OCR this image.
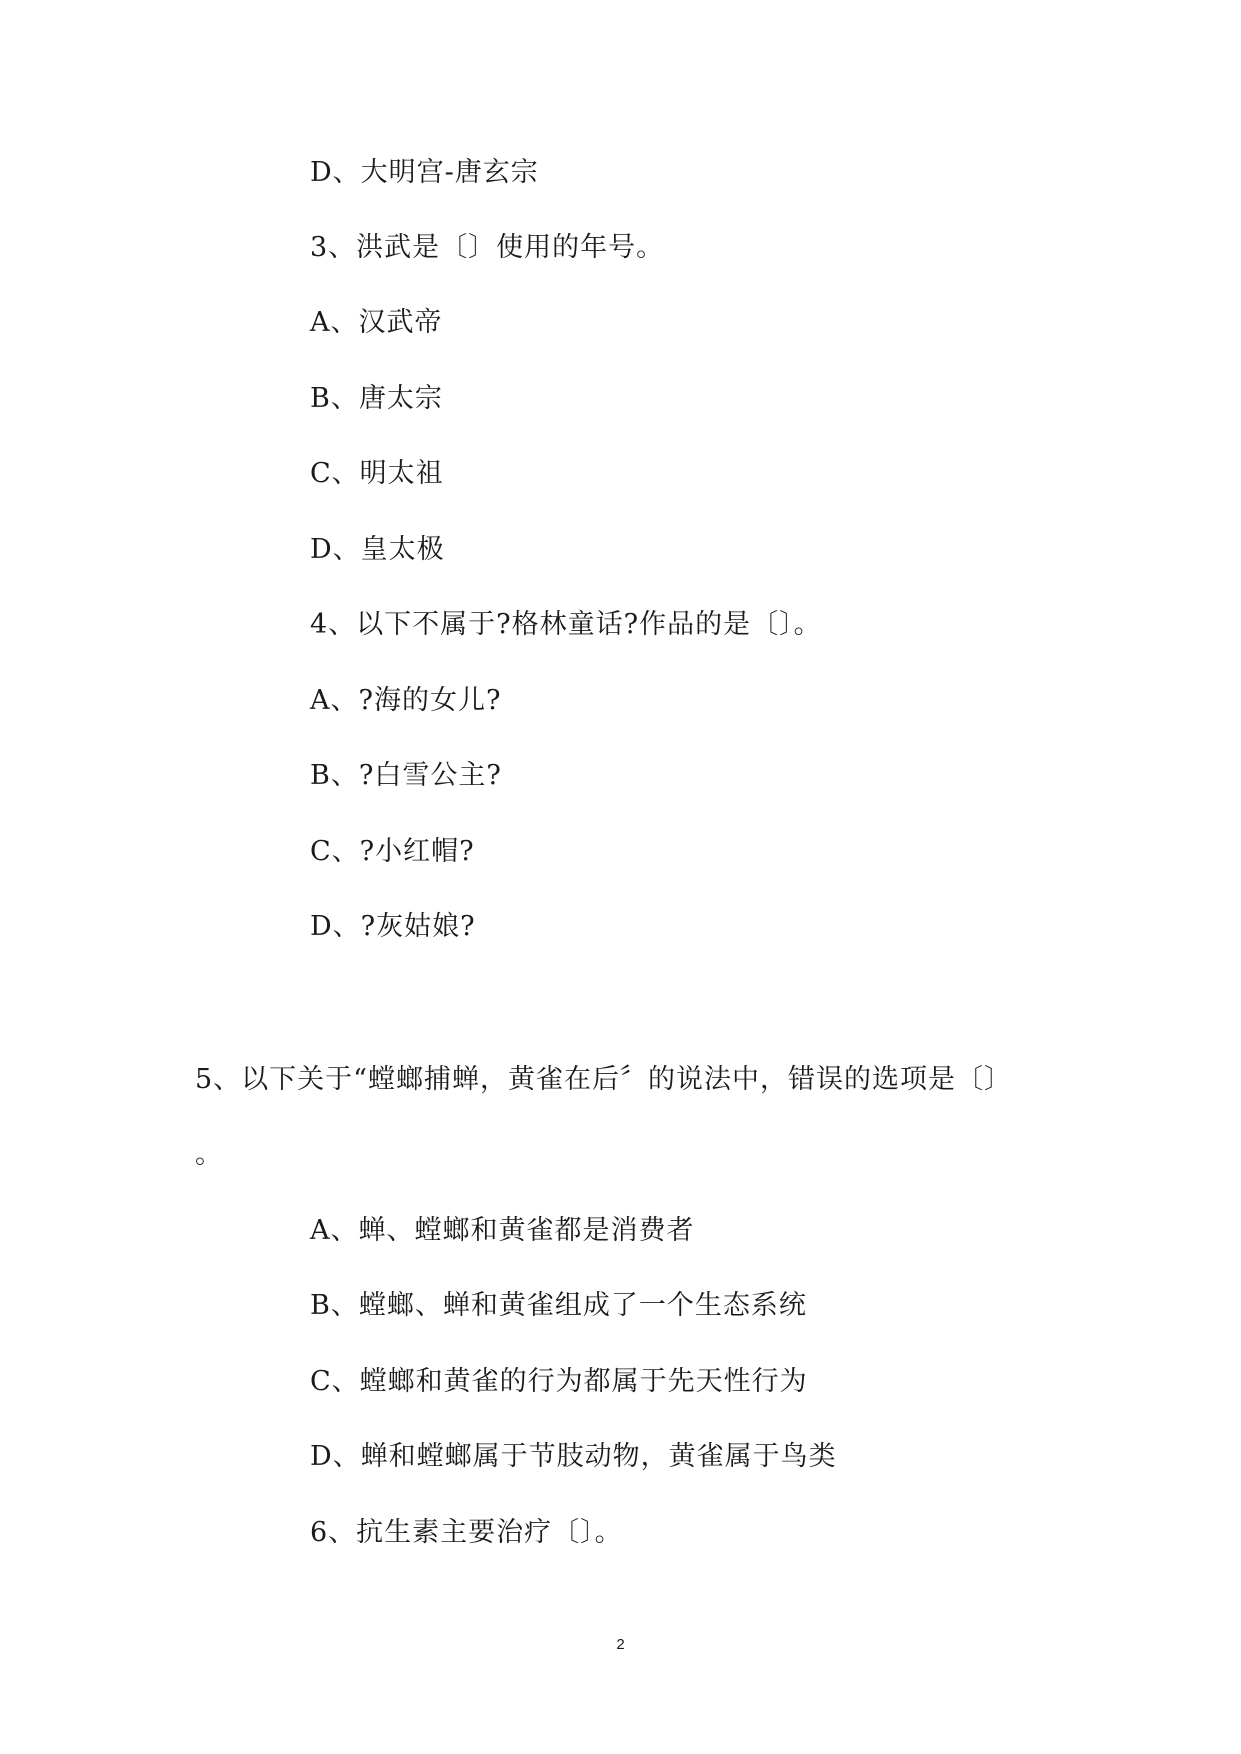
D、大明宫-唐玄宗
3、洪武是〔〕使用的年号。
A、汉武帝
B、唐太宗
C、明太祖
D、皇太极
4、以下不属于?格林童话?作品的是〔〕。
A、?海的女儿?
B、?白雪公主?
C、?小红帽?
D、?灰姑娘?
5、以下关于“螳螂捕蝉，黄雀在后〞的说法中，错误的选项是〔〕
。
A、蝉、螳螂和黄雀都是消费者
B、螳螂、蝉和黄雀组成了一个生态系统
C、螳螂和黄雀的行为都属于先天性行为
D、蝉和螳螂属于节肢动物，黄雀属于鸟类
6、抗生素主要治疗〔〕。
2
